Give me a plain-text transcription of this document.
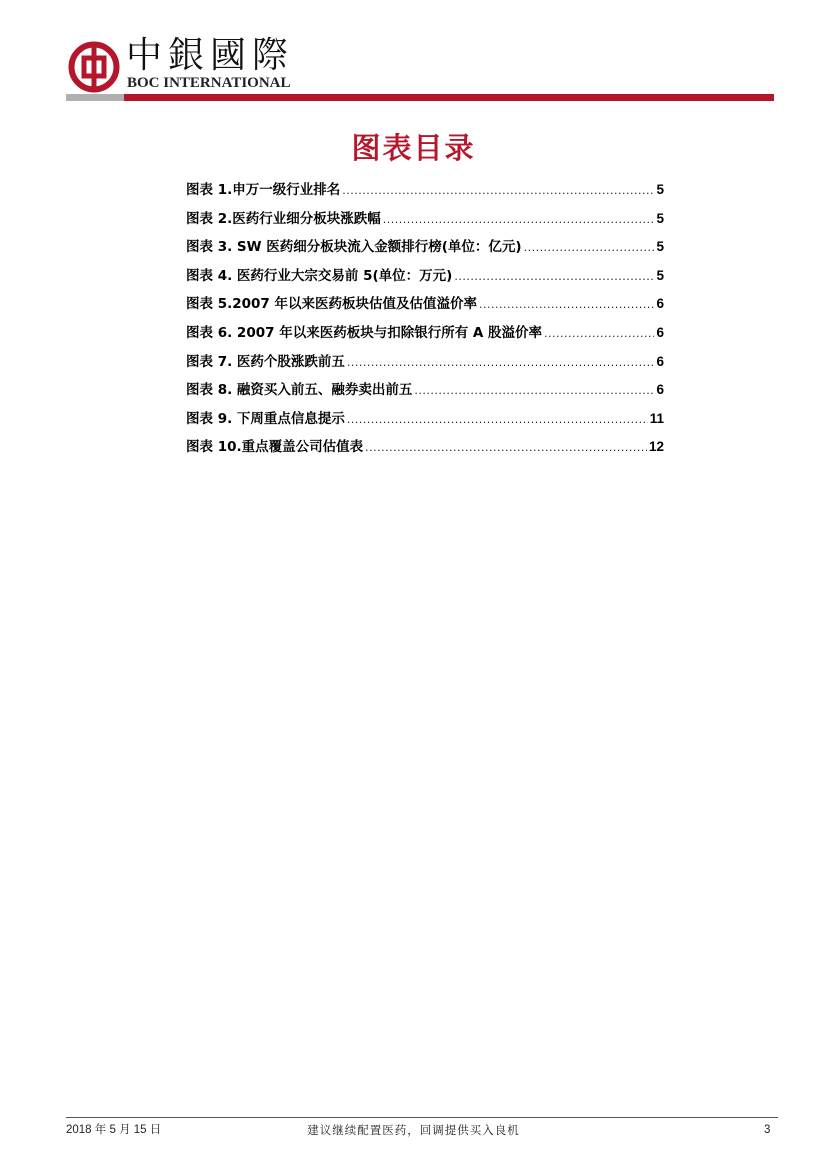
中銀國際
BOC INTERNATIONAL
图表目录
图表 1.申万一级行业排名 .....	5
图表 2.医药行业细分板块涨跌幅 .....	5
图表 3. SW 医药细分板块流入金额排行榜(单位：亿元) .....	5
图表 4. 医药行业大宗交易前 5(单位：万元) .....	5
图表 5.2007 年以来医药板块估值及估值溢价率 .....	6
图表 6. 2007 年以来医药板块与扣除银行所有 A 股溢价率 .....	6
图表 7. 医药个股涨跌前五 .....	6
图表 8. 融资买入前五、融券卖出前五 .....	6
图表 9. 下周重点信息提示 .....	11
图表 10.重点覆盖公司估值表 .....	12
2018 年 5 月 15 日	建议继续配置医药，回调提供买入良机	3
